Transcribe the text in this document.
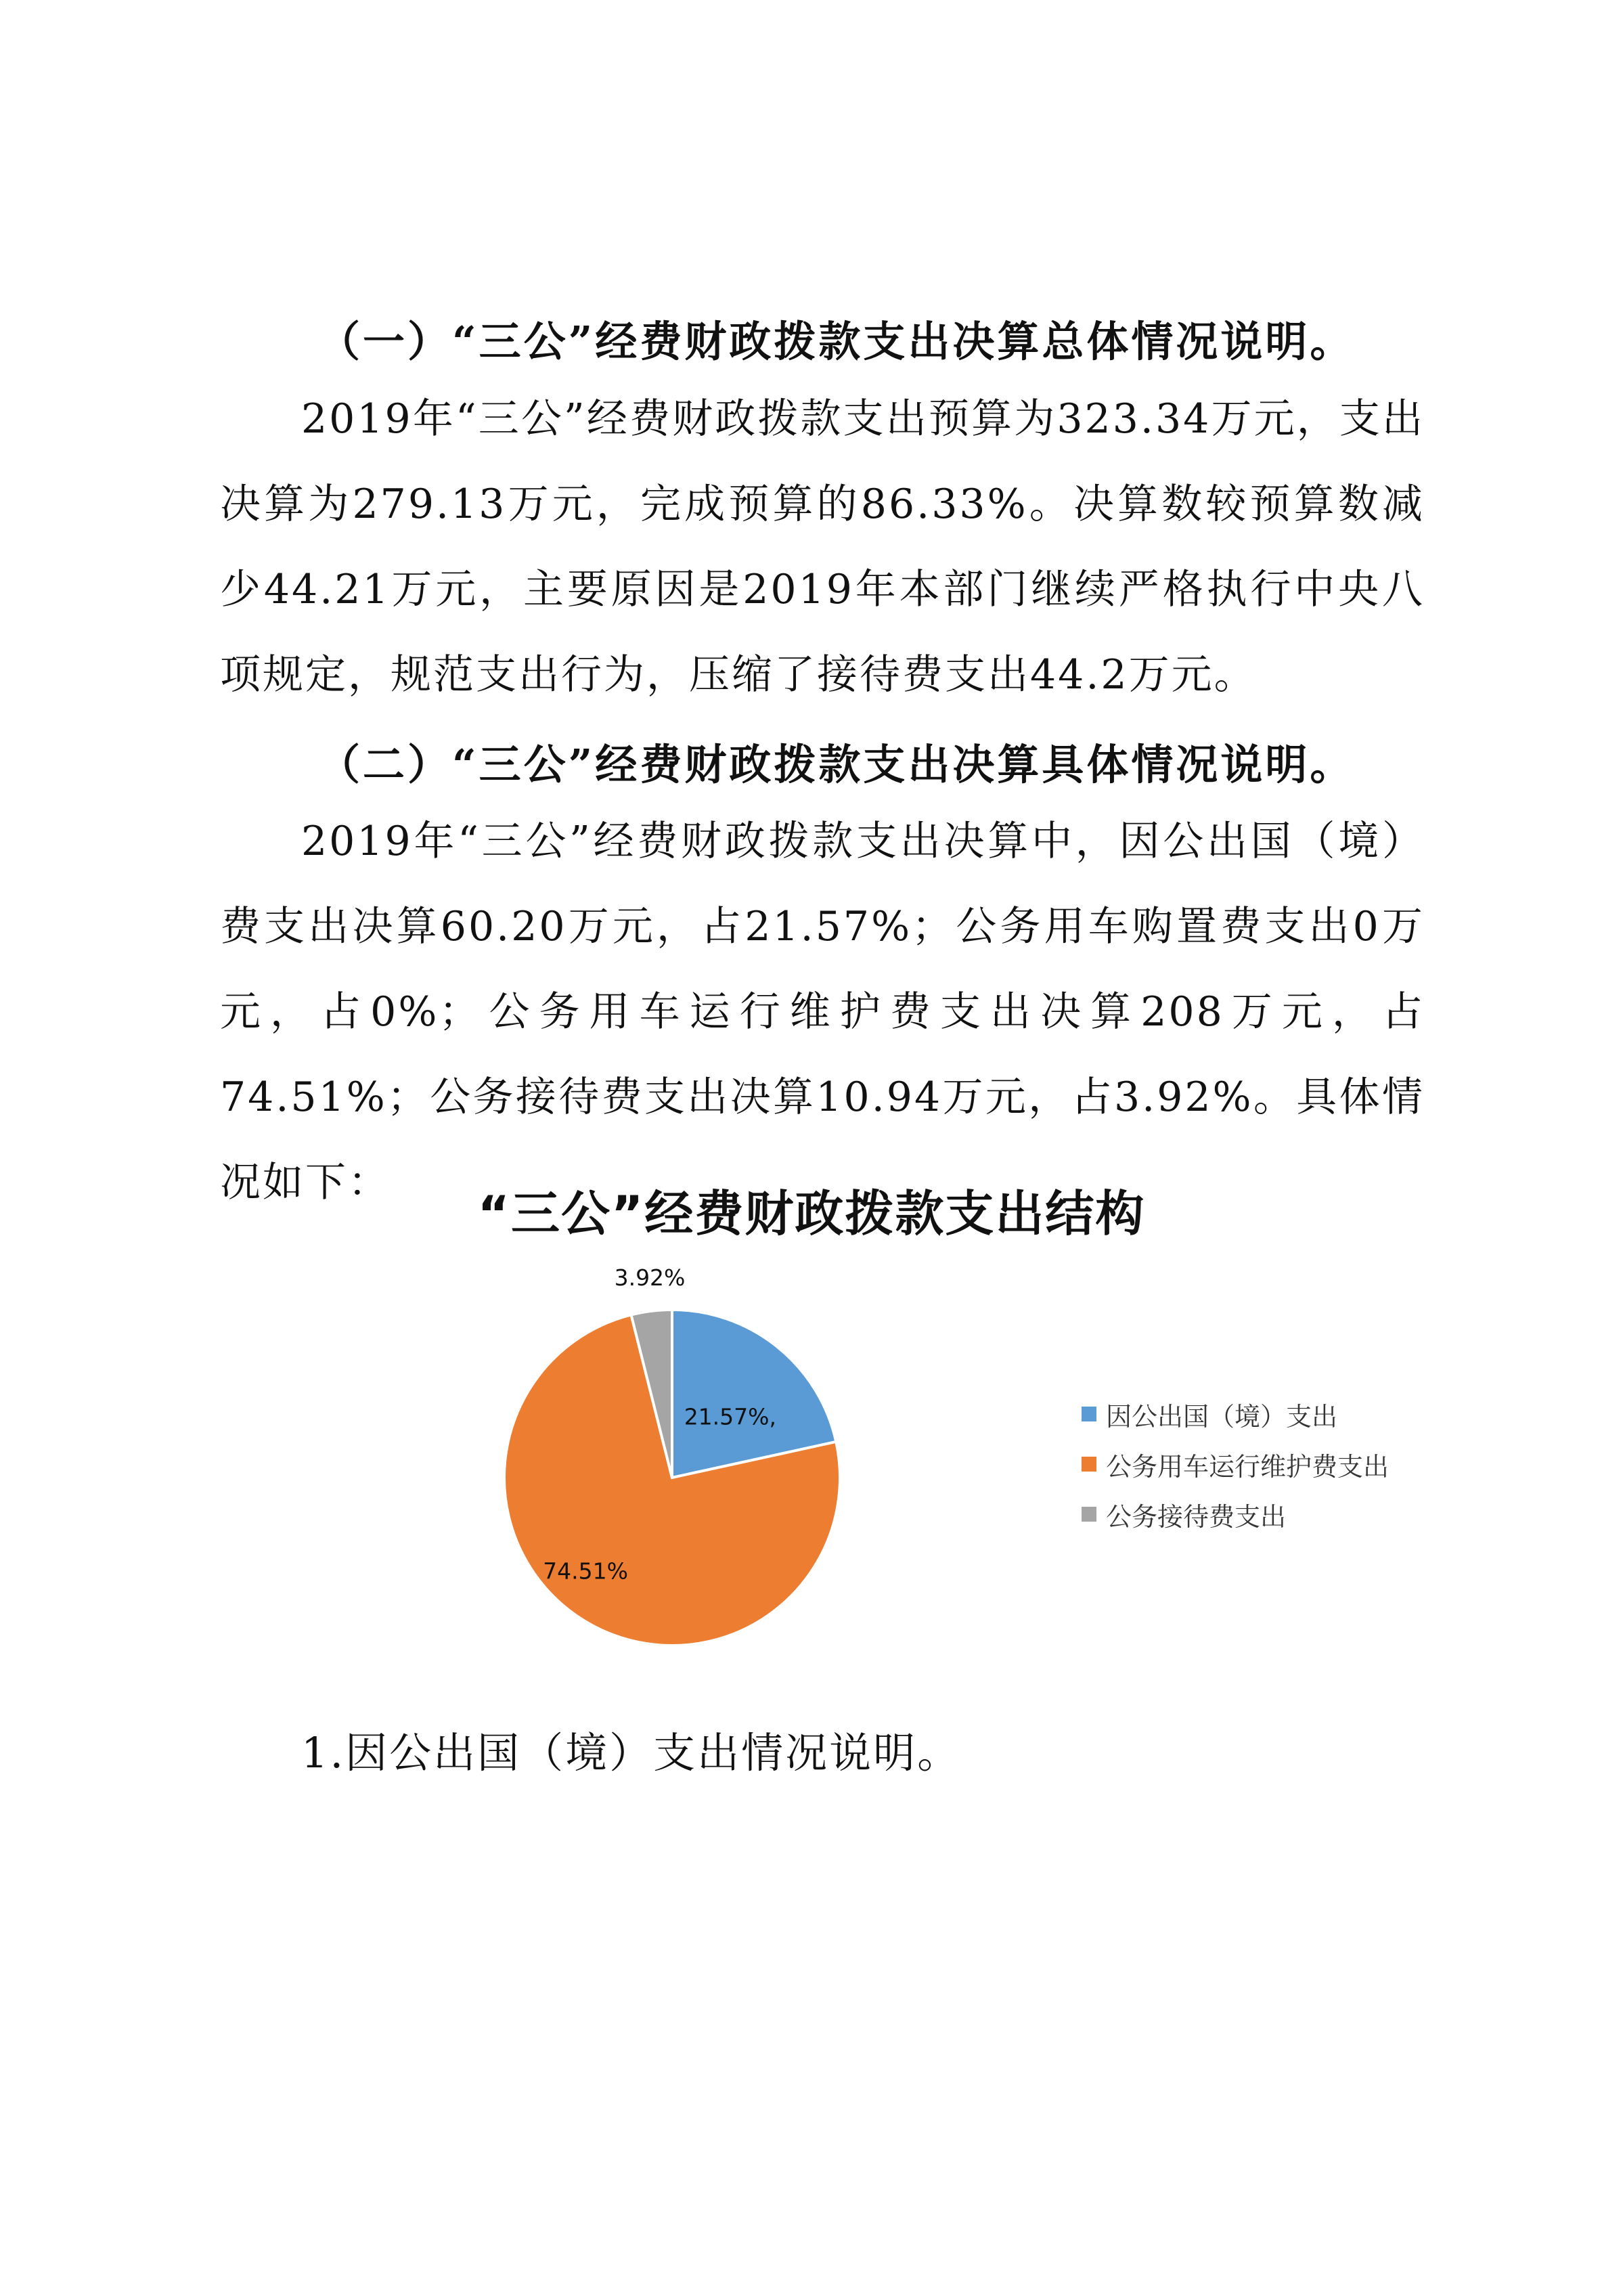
（一）“三公”经费财政拨款支出决算总体情况说明。
2019年“三公”经费财政拨款支出预算为323.34万元，支出决算为279.13万元，完成预算的86.33%。决算数较预算数减少44.21万元，主要原因是2019年本部门继续严格执行中央八项规定，规范支出行为，压缩了接待费支出44.2万元。
（二）“三公”经费财政拨款支出决算具体情况说明。
2019年“三公”经费财政拨款支出决算中，因公出国（境）费支出决算60.20万元，占21.57%；公务用车购置费支出0万元，占0%；公务用车运行维护费支出决算208万元，占74.51%；公务接待费支出决算10.94万元，占3.92%。具体情况如下：
“三公”经费财政拨款支出结构
21.57%,
74.51%
3.92%
因公出国（境）支出
公务用车运行维护费支出
公务接待费支出
1.因公出国（境）支出情况说明。
